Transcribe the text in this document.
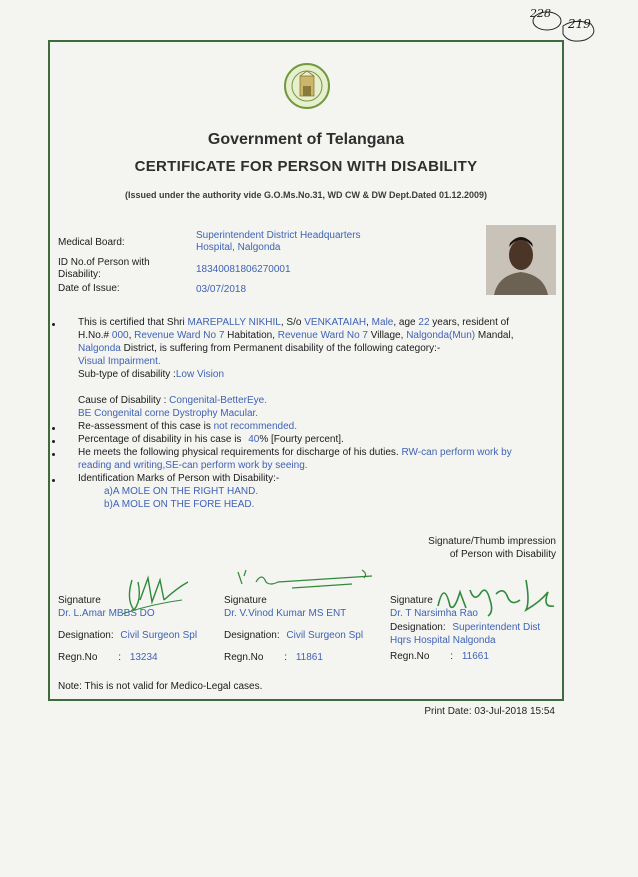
228
219
Government of Telangana
CERTIFICATE FOR PERSON WITH DISABILITY
(Issued under the authority vide G.O.Ms.No.31, WD CW & DW Dept.Dated 01.12.2009)
Medical Board:
Superintendent District Headquarters
Hospital, Nalgonda
ID No.of Person with
Disability:	18340081806270001
Date of Issue:	03/07/2018
This is certified that Shri MAREPALLY NIKHIL, S/o VENKATAIAH, Male, age 22 years, resident of
H.No.# 000, Revenue Ward No 7 Habitation, Revenue Ward No 7 Village, Nalgonda(Mun) Mandal,
Nalgonda District, is suffering from Permanent disability of the following category:-
Visual Impairment.
Sub-type of disability :Low Vision
Cause of Disability : Congenital-BetterEye.
BE Congenital corne Dystrophy Macular.
Re-assessment of this case is not recommended.
Percentage of disability in his case is 40% [Fourty percent].
He meets the following physical requirements for discharge of his duties. RW-can perform work by
reading and writing,SE-can perform work by seeing.
Identification Marks of Person with Disability:-
a)A MOLE ON THE RIGHT HAND.
b)A MOLE ON THE FORE HEAD.
Signature/Thumb impression
of Person with Disability
Signature
Dr. L.Amar MBBS DO
Designation: Civil Surgeon Spl
Regn.No : 13234
Signature
Dr. V.Vinod Kumar MS ENT
Designation: Civil Surgeon Spl
Regn.No : 11861
Signature
Dr. T Narsimha Rao
Designation: Superintendent Dist
Hqrs Hospital Nalgonda
Regn.No : 11661
Note: This is not valid for Medico-Legal cases.
Print Date: 03-Jul-2018 15:54
